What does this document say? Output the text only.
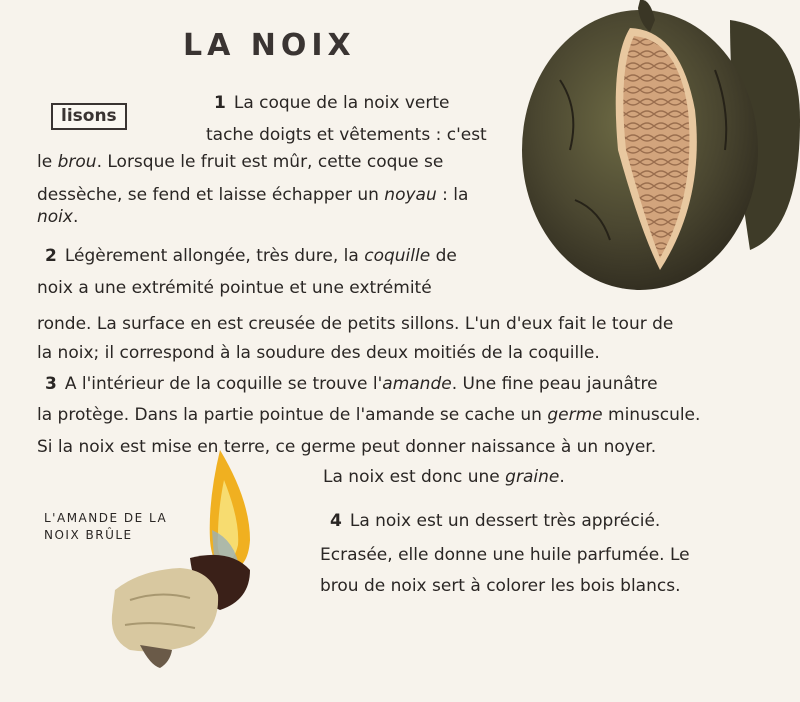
LA NOIX
lisons
1 La coque de la noix verte
tache doigts et vêtements : c'est
le brou. Lorsque le fruit est mûr, cette coque se
dessèche, se fend et laisse échapper un noyau : la
noix.
2 Légèrement allongée, très dure, la coquille de
noix a une extrémité pointue et une extrémité
ronde. La surface en est creusée de petits sillons. L'un d'eux fait le tour de
la noix; il correspond à la soudure des deux moitiés de la coquille.
3 A l'intérieur de la coquille se trouve l'amande. Une fine peau jaunâtre
la protège. Dans la partie pointue de l'amande se cache un germe minuscule.
Si la noix est mise en terre, ce germe peut donner naissance à un noyer.
La noix est donc une graine.
L'AMANDE DE LA
NOIX BRÛLE
4 La noix est un dessert très apprécié.
Ecrasée, elle donne une huile parfumée. Le
brou de noix sert à colorer les bois blancs.
